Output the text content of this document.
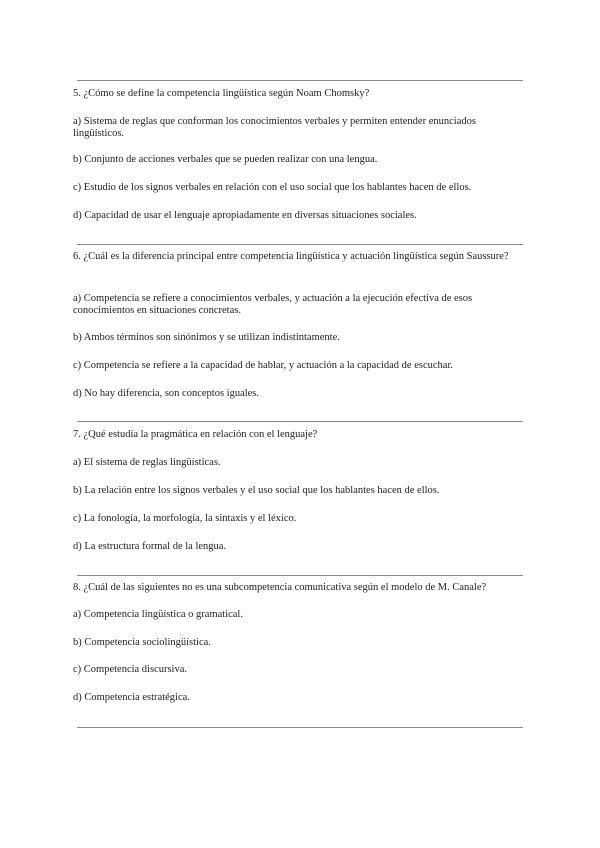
5. ¿Cómo se define la competencia lingüística según Noam Chomsky?
a) Sistema de reglas que conforman los conocimientos verbales y permiten entender enunciados lingüísticos.
b) Conjunto de acciones verbales que se pueden realizar con una lengua.
c) Estudio de los signos verbales en relación con el uso social que los hablantes hacen de ellos.
d) Capacidad de usar el lenguaje apropiadamente en diversas situaciones sociales.
6. ¿Cuál es la diferencia principal entre competencia lingüística y actuación lingüística según Saussure?
a) Competencia se refiere a conocimientos verbales, y actuación a la ejecución efectiva de esos conocimientos en situaciones concretas.
b) Ambos términos son sinónimos y se utilizan indistintamente.
c) Competencia se refiere a la capacidad de hablar, y actuación a la capacidad de escuchar.
d) No hay diferencia, son conceptos iguales.
7. ¿Qué estudia la pragmática en relación con el lenguaje?
a) El sistema de reglas lingüísticas.
b) La relación entre los signos verbales y el uso social que los hablantes hacen de ellos.
c) La fonología, la morfología, la sintaxis y el léxico.
d) La estructura formal de la lengua.
8. ¿Cuál de las siguientes no es una subcompetencia comunicativa según el modelo de M. Canale?
a) Competencia lingüística o gramatical.
b) Competencia sociolingüística.
c) Competencia discursiva.
d) Competencia estratégica.
